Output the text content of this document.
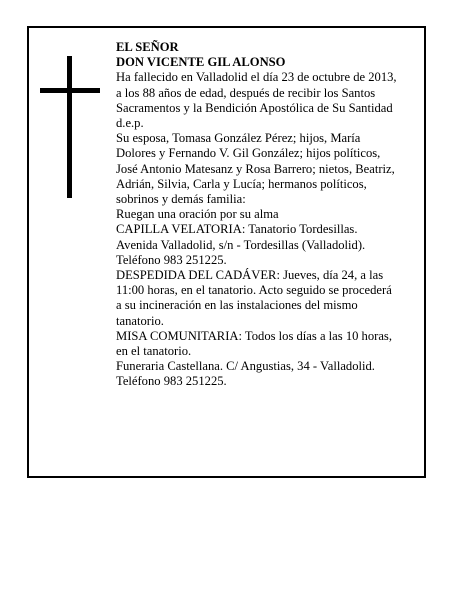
EL SEÑOR

DON VICENTE GIL ALONSO

Ha fallecido en Valladolid el día 23 de octubre de 2013,

a los 88 años de edad, después de recibir los Santos

Sacramentos y la Bendición Apostólica de Su Santidad

d.e.p.

Su esposa, Tomasa González Pérez; hijos, María

Dolores y Fernando V. Gil González; hijos políticos,

José Antonio Matesanz y Rosa Barrero; nietos, Beatriz,

Adrián, Silvia, Carla y Lucía; hermanos políticos,

sobrinos y demás familia:

Ruegan una oración por su alma

CAPILLA VELATORIA: Tanatorio Tordesillas.

Avenida Valladolid, s/n - Tordesillas (Valladolid).

Teléfono 983 251225.

DESPEDIDA DEL CADÁVER: Jueves, día 24, a las

11:00 horas, en el tanatorio. Acto seguido se procederá

a su incineración en las instalaciones del mismo

tanatorio.

MISA COMUNITARIA: Todos los días a las 10 horas,

en el tanatorio.

Funeraria Castellana. C/ Angustias, 34 - Valladolid.

Teléfono 983 251225.
